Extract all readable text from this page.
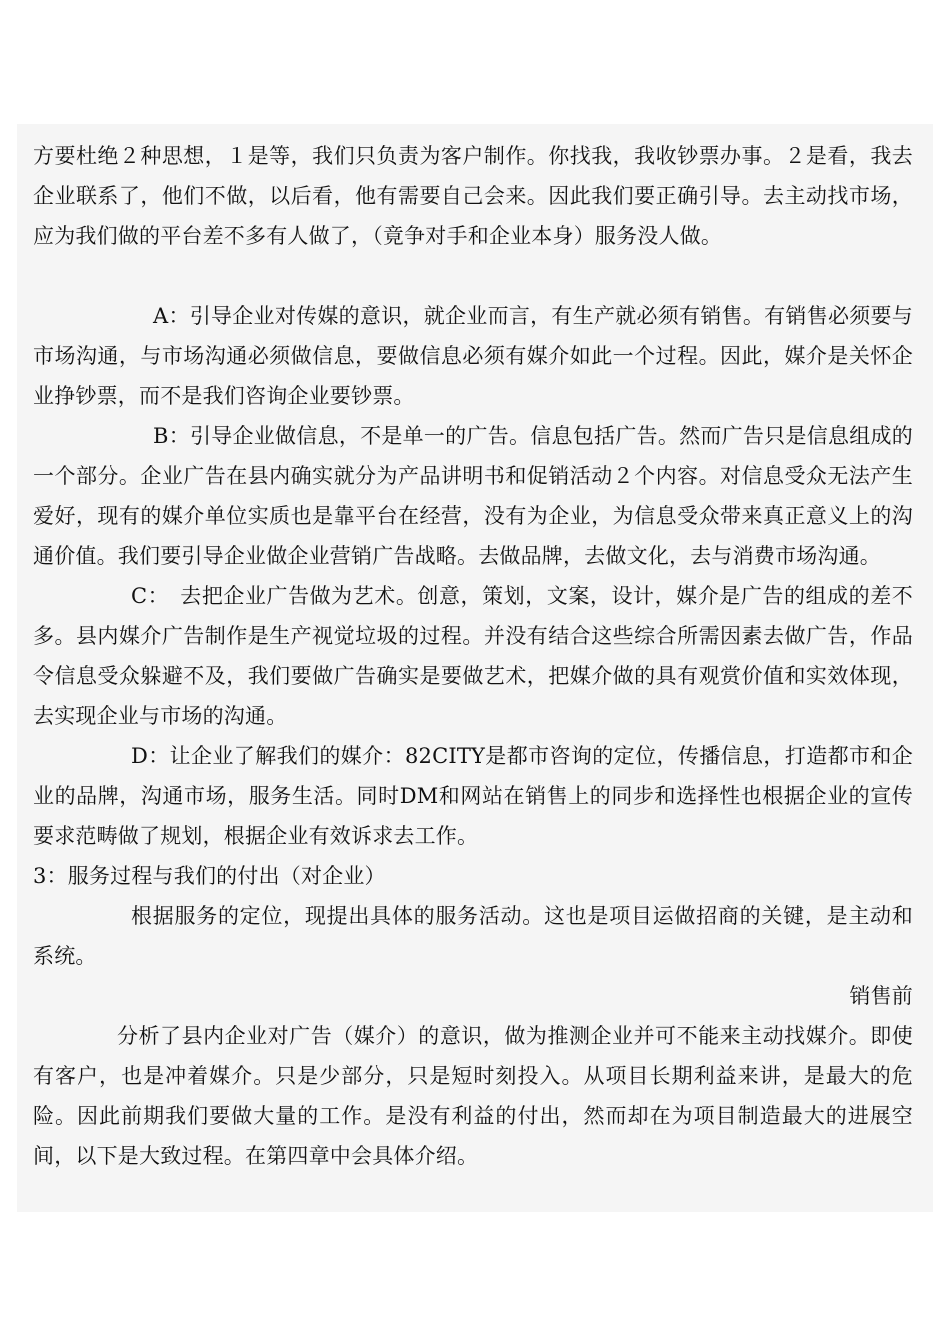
方要杜绝２种思想，１是等，我们只负责为客户制作。你找我，我收钞票办事。２是看，我去企业联系了，他们不做，以后看，他有需要自己会来。因此我们要正确引导。去主动找市场，应为我们做的平台差不多有人做了，（竟争对手和企业本身）服务没人做。

A：引导企业对传媒的意识，就企业而言，有生产就必须有销售。有销售必须要与市场沟通，与市场沟通必须做信息，要做信息必须有媒介如此一个过程。因此，媒介是关怀企业挣钞票，而不是我们咨询企业要钞票。

B：引导企业做信息，不是单一的广告。信息包括广告。然而广告只是信息组成的一个部分。企业广告在县内确实就分为产品讲明书和促销活动２个内容。对信息受众无法产生爱好，现有的媒介单位实质也是靠平台在经营，没有为企业，为信息受众带来真正意义上的沟通价值。我们要引导企业做企业营销广告战略。去做品牌，去做文化，去与消费市场沟通。

C：　去把企业广告做为艺术。创意，策划，文案，设计，媒介是广告的组成的差不多。县内媒介广告制作是生产视觉垃圾的过程。并没有结合这些综合所需因素去做广告，作品令信息受众躲避不及，我们要做广告确实是要做艺术，把媒介做的具有观赏价值和实效体现，去实现企业与市场的沟通。

D：让企业了解我们的媒介：82CITY是都市咨询的定位，传播信息，打造都市和企业的品牌，沟通市场，服务生活。同时DM和网站在销售上的同步和选择性也根据企业的宣传要求范畴做了规划，根据企业有效诉求去工作。

3：服务过程与我们的付出（对企业）

根据服务的定位，现提出具体的服务活动。这也是项目运做招商的关键，是主动和系统。

销售前

分析了县内企业对广告（媒介）的意识，做为推测企业并可不能来主动找媒介。即使有客户，也是冲着媒介。只是少部分，只是短时刻投入。从项目长期利益来讲，是最大的危险。因此前期我们要做大量的工作。是没有利益的付出，然而却在为项目制造最大的进展空间，以下是大致过程。在第四章中会具体介绍。
